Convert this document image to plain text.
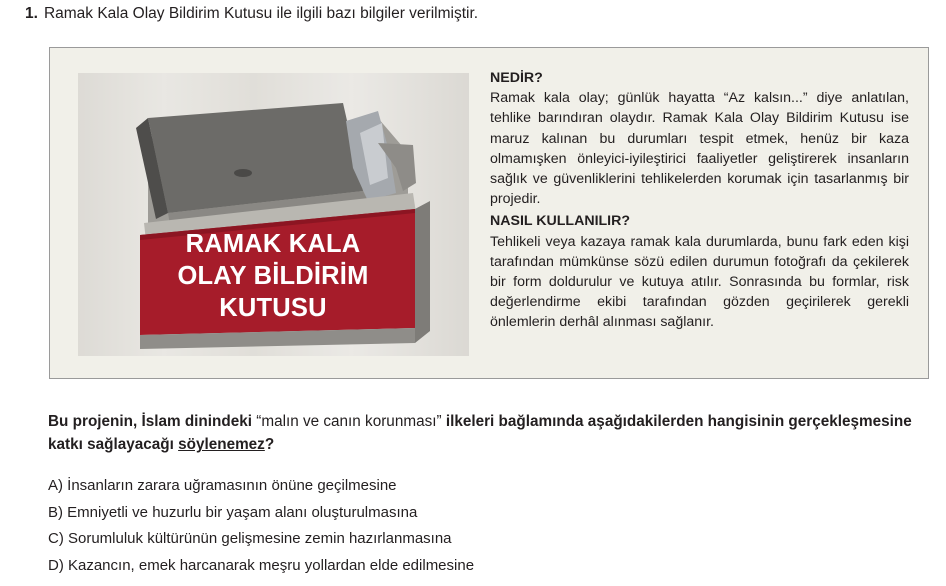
1. Ramak Kala Olay Bildirim Kutusu ile ilgili bazı bilgiler verilmiştir.
RAMAK KALA
OLAY BİLDİRİM
KUTUSU
NEDİR?

Ramak kala olay; günlük hayatta “Az kalsın...” diye anlatılan, tehlike barındıran olaydır. Ramak Kala Olay Bildirim Kutusu ise maruz kalınan bu durumları tespit etmek, henüz bir kaza olmamışken önleyici-iyileştirici faaliyetler geliştirerek insanların sağlık ve güvenliklerini tehlikelerden korumak için tasarlanmış bir projedir.

NASIL KULLANILIR?

Tehlikeli veya kazaya ramak kala durumlarda, bunu fark eden kişi tarafından mümkünse sözü edilen durumun fotoğrafı da çekilerek bir form doldurulur ve kutuya atılır. Sonrasında bu formlar, risk değerlendirme ekibi tarafından gözden geçirilerek gerekli önlemlerin derhâl alınması sağlanır.

Bu projenin, İslam dinindeki “malın ve canın korunması” ilkeleri bağlamında aşağıdakilerden hangisinin gerçekleşmesine katkı sağlayacağı söylenemez?
A) İnsanların zarara uğramasının önüne geçilmesine
B) Emniyetli ve huzurlu bir yaşam alanı oluşturulmasına
C) Sorumluluk kültürünün gelişmesine zemin hazırlanmasına
D) Kazancın, emek harcanarak meşru yollardan elde edilmesine
